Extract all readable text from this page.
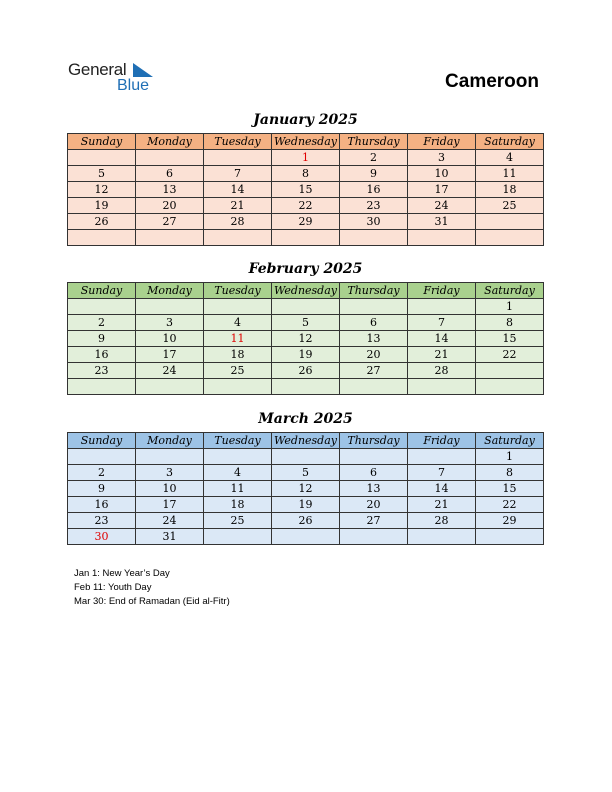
General
Blue	Cameroon
January 2025
Sunday	Monday	Tuesday	Wednesday	Thursday	Friday	Saturday
			1	2	3	4
5	6	7	8	9	10	11
12	13	14	15	16	17	18
19	20	21	22	23	24	25
26	27	28	29	30	31	

February 2025
Sunday	Monday	Tuesday	Wednesday	Thursday	Friday	Saturday
						1
2	3	4	5	6	7	8
9	10	11	12	13	14	15
16	17	18	19	20	21	22
23	24	25	26	27	28	

March 2025
Sunday	Monday	Tuesday	Wednesday	Thursday	Friday	Saturday
						1
2	3	4	5	6	7	8
9	10	11	12	13	14	15
16	17	18	19	20	21	22
23	24	25	26	27	28	29
30	31					
Jan 1: New Year’s Day
Feb 11: Youth Day
Mar 30: End of Ramadan (Eid al-Fitr)
